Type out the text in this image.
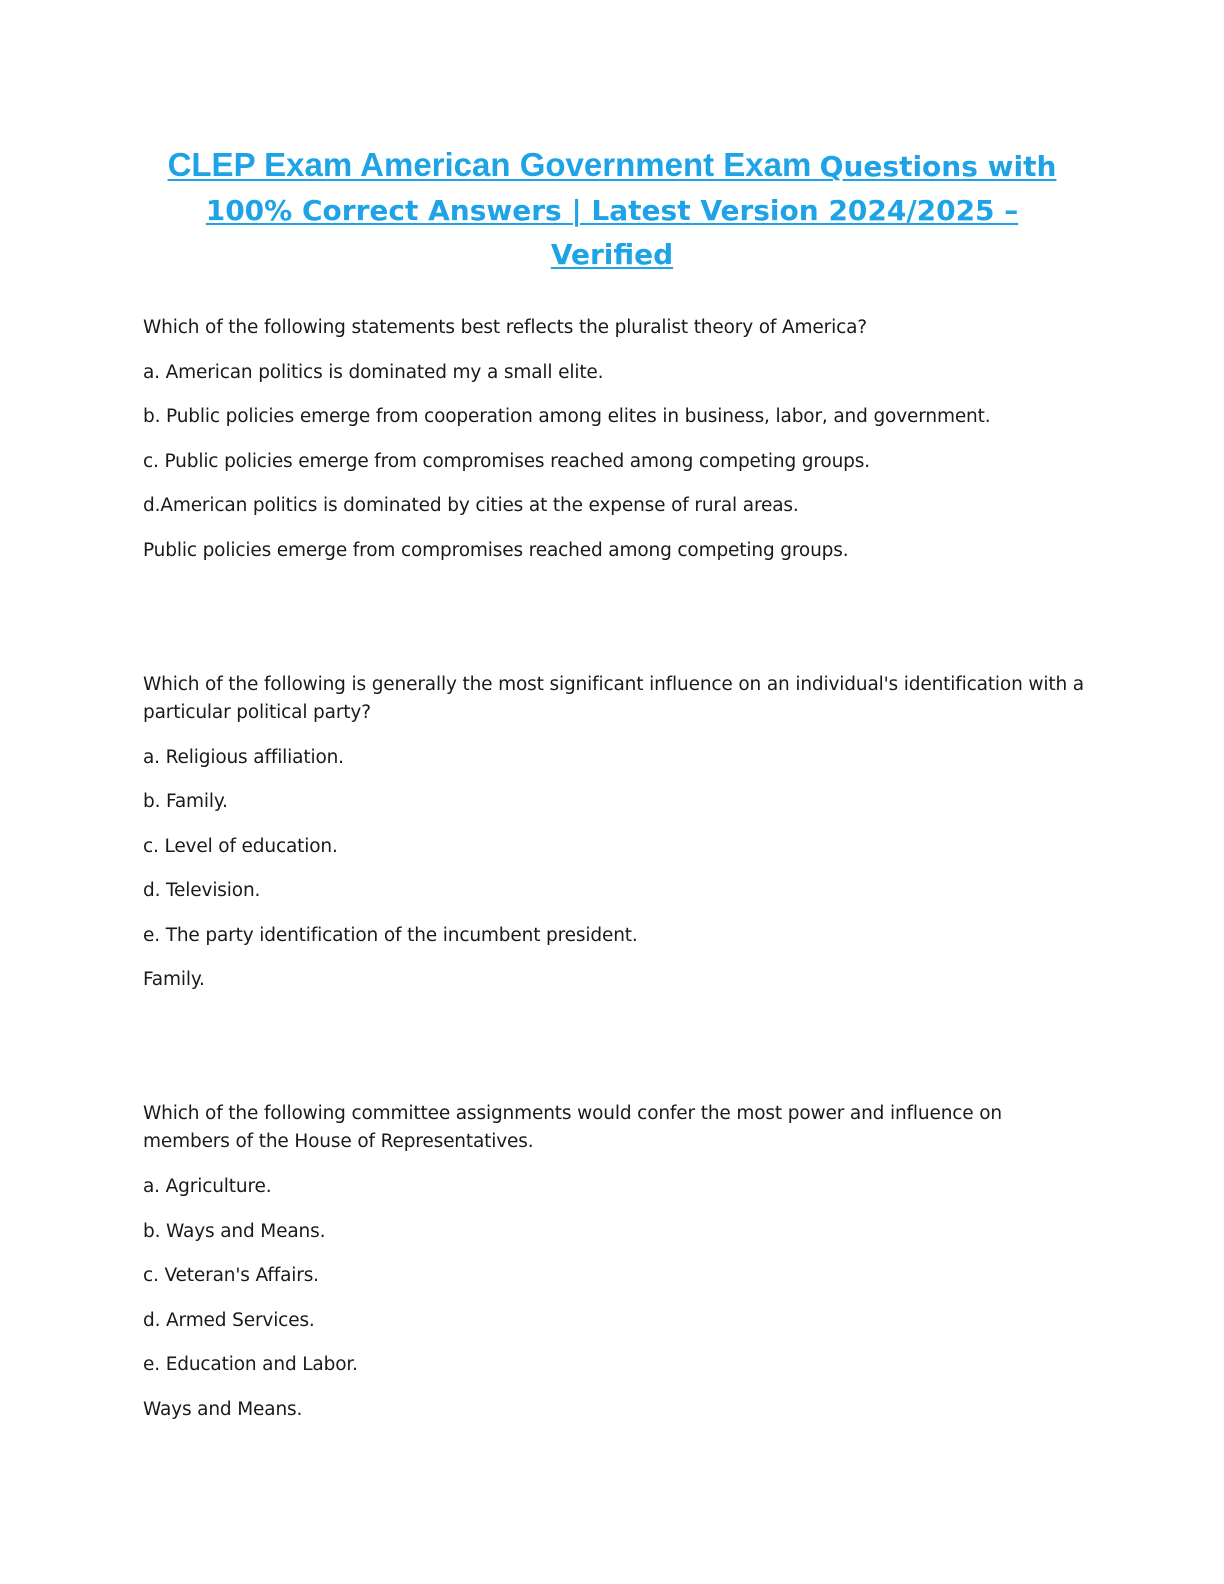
CLEP Exam American Government Exam Questions with 100% Correct Answers | Latest Version 2024/2025 – Verified
Which of the following statements best reflects the pluralist theory of America?
a. American politics is dominated my a small elite.
b. Public policies emerge from cooperation among elites in business, labor, and government.
c. Public policies emerge from compromises reached among competing groups.
d.American politics is dominated by cities at the expense of rural areas.
Public policies emerge from compromises reached among competing groups.
Which of the following is generally the most significant influence on an individual's identification with a
particular political party?
a. Religious affiliation.
b. Family.
c. Level of education.
d. Television.
e. The party identification of the incumbent president.
Family.
Which of the following committee assignments would confer the most power and influence on
members of the House of Representatives.
a. Agriculture.
b. Ways and Means.
c. Veteran's Affairs.
d. Armed Services.
e. Education and Labor.
Ways and Means.
